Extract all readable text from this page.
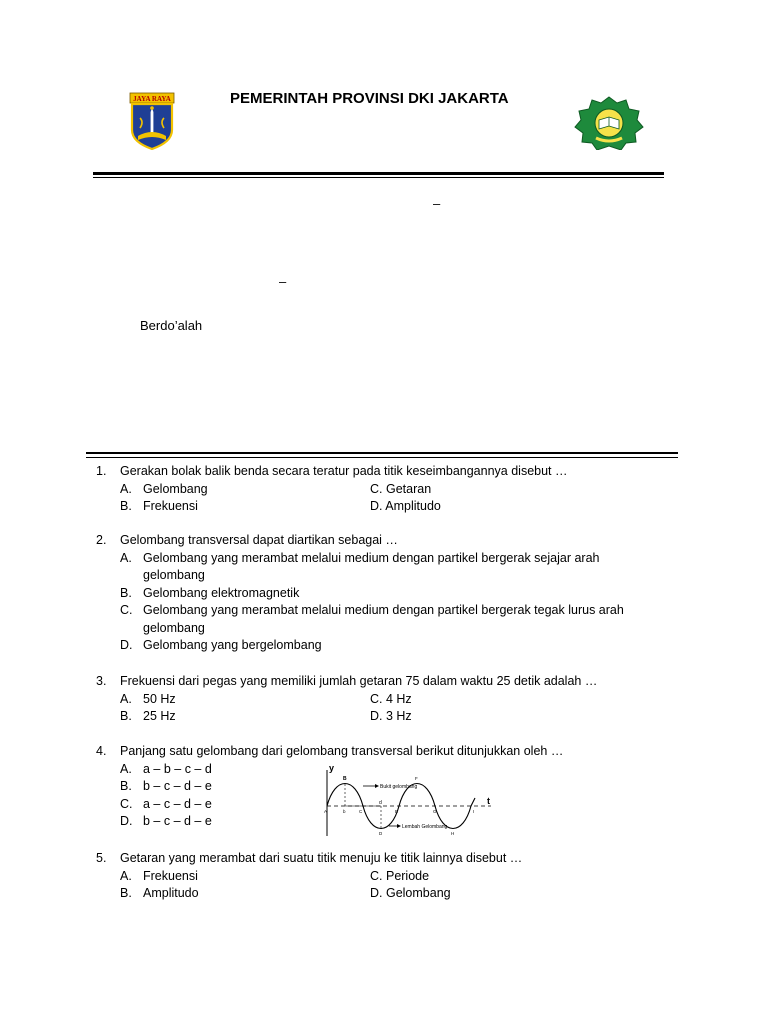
JAYA RAYA	PEMERINTAH PROVINSI DKI JAKARTA
–
–
Berdo’alah
1. Gerakan bolak balik benda secara teratur pada titik keseimbangannya disebut …
A. Gelombang	C. Getaran
B. Frekuensi	D. Amplitudo
2. Gelombang transversal dapat diartikan sebagai …
A. Gelombang yang merambat melalui medium dengan partikel bergerak sejajar arah gelombang
B. Gelombang elektromagnetik
C. Gelombang yang merambat melalui medium dengan partikel bergerak tegak lurus arah gelombang
D. Gelombang yang bergelombang
3. Frekuensi dari pegas yang memiliki jumlah getaran 75 dalam waktu 25 detik adalah …
A. 50 Hz	C. 4 Hz
B. 25 Hz	D. 3 Hz
4. Panjang satu gelombang dari gelombang transversal berikut ditunjukkan oleh …
A. a – b – c – d
B. b – c – d – e
C. a – c – d – e
D. b – c – d – e
y
t
Bukit gelombang
Lembah Gelombang
A
B
b	C
d
D
E
F
G
H
I
5. Getaran yang merambat dari suatu titik menuju ke titik lainnya disebut …
A. Frekuensi	C. Periode
B. Amplitudo	D. Gelombang
